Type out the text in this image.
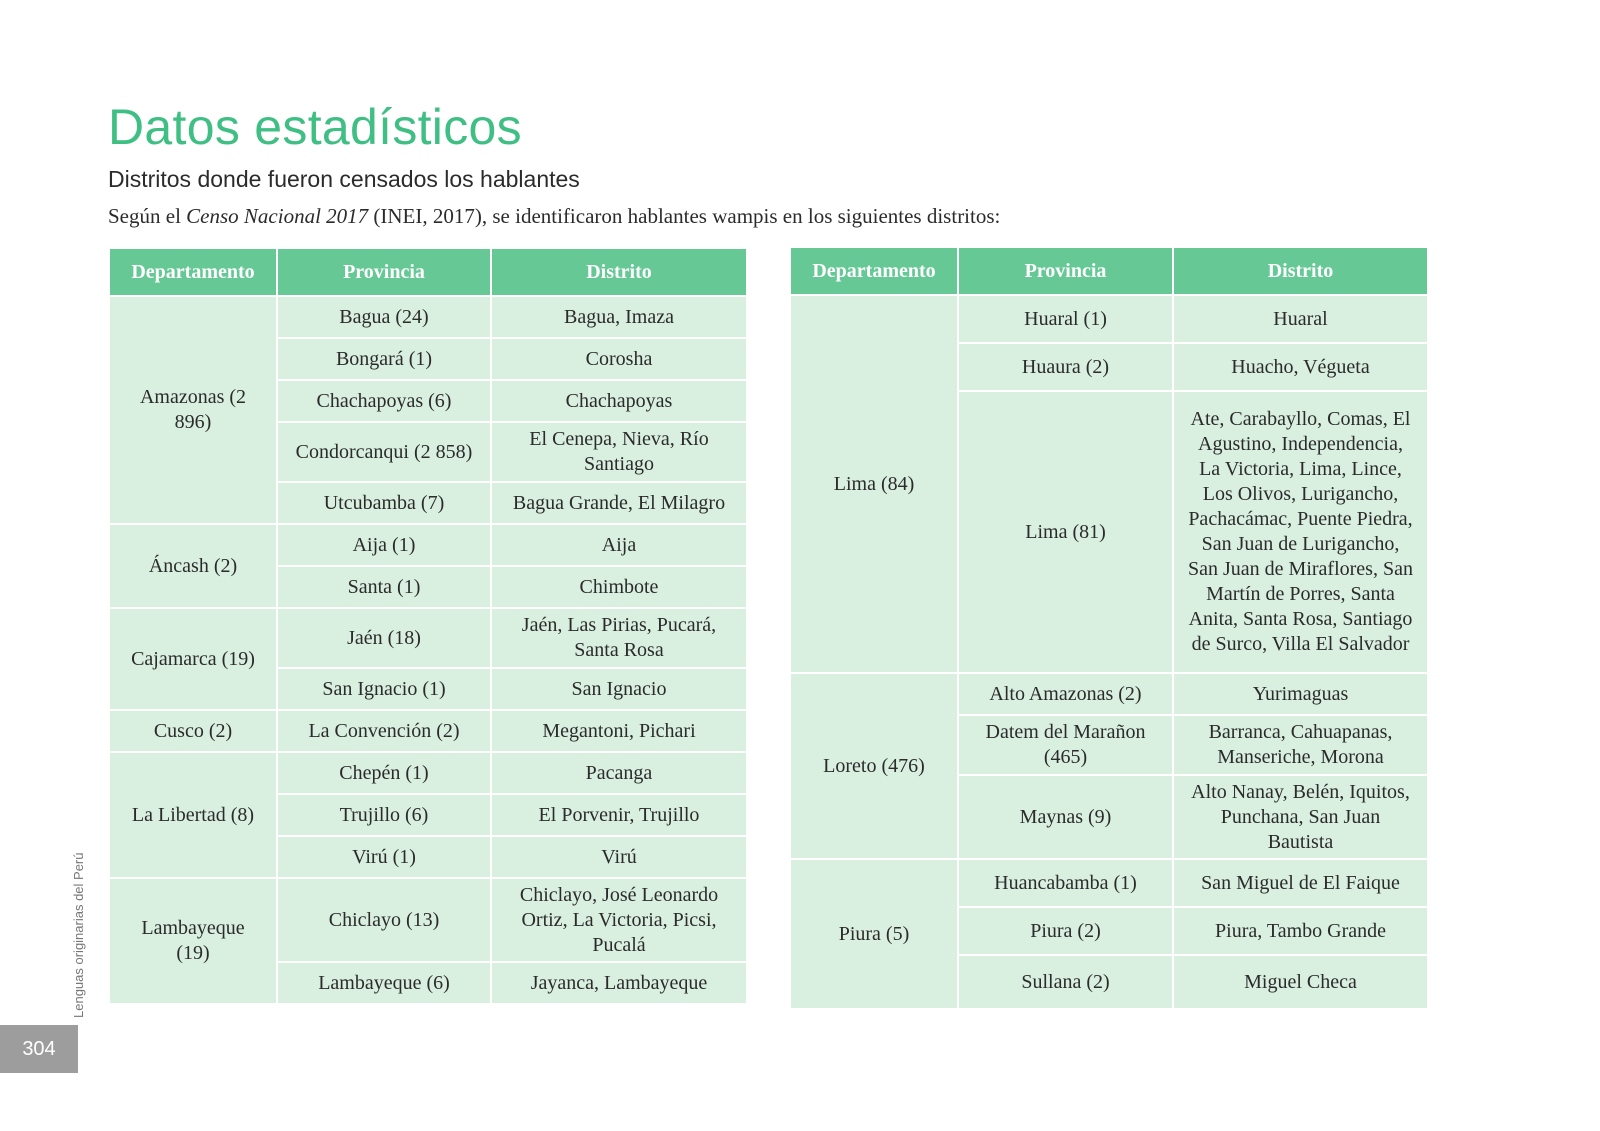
Datos estadísticos
Distritos donde fueron censados los hablantes

Según el Censo Nacional 2017 (INEI, 2017), se identificaron hablantes wampis en los siguientes distritos:

Departamento	Provincia	Distrito
Amazonas (2 896)	Bagua (24)	Bagua, Imaza
	Bongará (1)	Corosha
	Chachapoyas (6)	Chachapoyas
	Condorcanqui (2 858)	El Cenepa, Nieva, Río Santiago
	Utcubamba (7)	Bagua Grande, El Milagro
Áncash (2)	Aija (1)	Aija
	Santa (1)	Chimbote
Cajamarca (19)	Jaén (18)	Jaén, Las Pirias, Pucará, Santa Rosa
	San Ignacio (1)	San Ignacio
Cusco (2)	La Convención (2)	Megantoni, Pichari
La Libertad (8)	Chepén (1)	Pacanga
	Trujillo (6)	El Porvenir, Trujillo
	Virú (1)	Virú
Lambayeque (19)	Chiclayo (13)	Chiclayo, José Leonardo Ortiz, La Victoria, Picsi, Pucalá
	Lambayeque (6)	Jayanca, Lambayeque
Departamento	Provincia	Distrito
Lima (84)	Huaral (1)	Huaral
	Huaura (2)	Huacho, Végueta
	Lima (81)	Ate, Carabayllo, Comas, El Agustino, Independencia, La Victoria, Lima, Lince, Los Olivos, Lurigancho, Pachacámac, Puente Piedra, San Juan de Lurigancho, San Juan de Miraflores, San Martín de Porres, Santa Anita, Santa Rosa, Santiago de Surco, Villa El Salvador
Loreto (476)	Alto Amazonas (2)	Yurimaguas
	Datem del Marañon (465)	Barranca, Cahuapanas, Manseriche, Morona
	Maynas (9)	Alto Nanay, Belén, Iquitos, Punchana, San Juan Bautista
Piura (5)	Huancabamba (1)	San Miguel de El Faique
	Piura (2)	Piura, Tambo Grande
	Sullana (2)	Miguel Checa
Lenguas originarias del Perú
304
